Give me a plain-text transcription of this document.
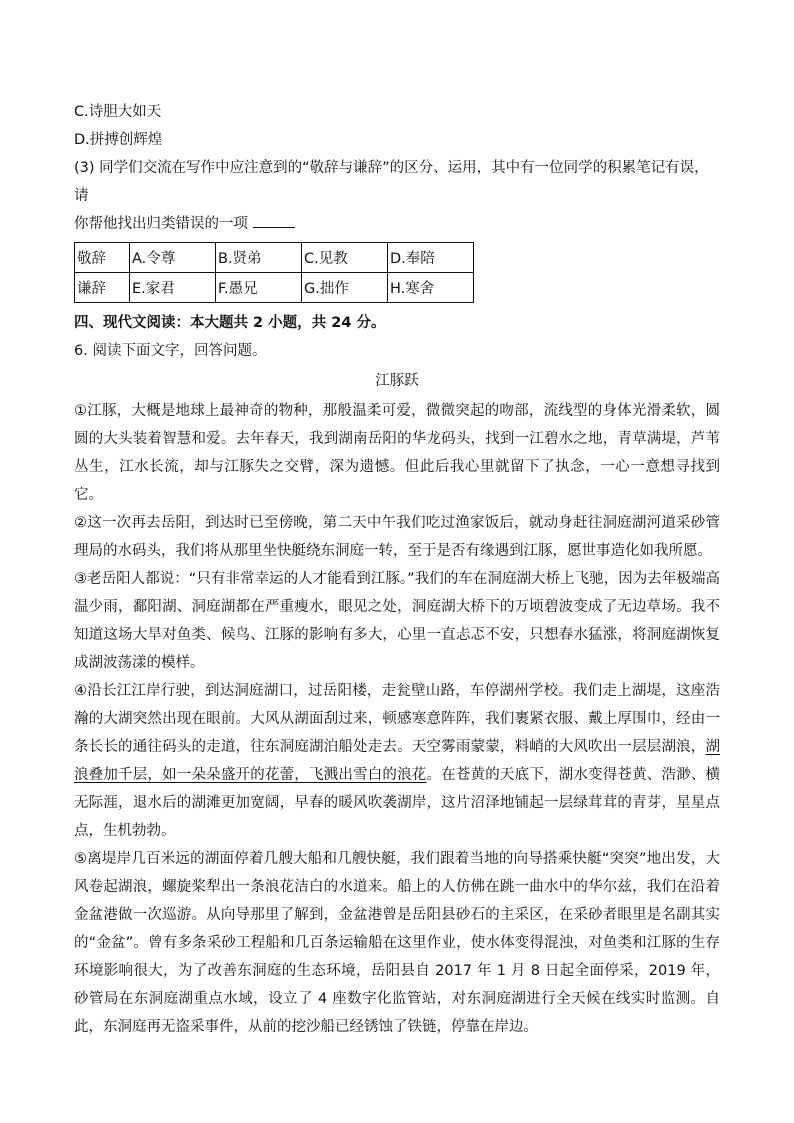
C.诗胆大如天

D.拼搏创辉煌

(3) 同学们交流在写作中应注意到的“敬辞与谦辞”的区分、运用，其中有一位同学的积累笔记有误，请

你帮他找出归类错误的一项

敬辞	A.令尊	B.贤弟	C.见教	D.奉陪
谦辞	E.家君	F.愚兄	G.拙作	H.寒舍

四、现代文阅读：本大题共 2 小题，共 24 分。

6. 阅读下面文字，回答问题。

江豚跃

①江豚，大概是地球上最神奇的物种，那般温柔可爱，微微突起的吻部，流线型的身体光滑柔软，圆圆的大头装着智慧和爱。去年春天，我到湖南岳阳的华龙码头，找到一江碧水之地，青草满堤，芦苇丛生，江水长流，却与江豚失之交臂，深为遗憾。但此后我心里就留下了执念，一心一意想寻找到它。

②这一次再去岳阳，到达时已至傍晚，第二天中午我们吃过渔家饭后，就动身赶往洞庭湖河道采砂管理局的水码头，我们将从那里坐快艇绕东洞庭一转，至于是否有缘遇到江豚，愿世事造化如我所愿。

③老岳阳人都说：“只有非常幸运的人才能看到江豚。”我们的车在洞庭湖大桥上飞驰，因为去年极端高温少雨，鄱阳湖、洞庭湖都在严重瘦水，眼见之处，洞庭湖大桥下的万顷碧波变成了无边草场。我不知道这场大旱对鱼类、候鸟、江豚的影响有多大，心里一直忐忑不安，只想春水猛涨，将洞庭湖恢复成湖波荡漾的模样。

④沿长江江岸行驶，到达洞庭湖口，过岳阳楼，走瓮壁山路，车停湖州学校。我们走上湖堤，这座浩瀚的大湖突然出现在眼前。大风从湖面刮过来，顿感寒意阵阵，我们裹紧衣服、戴上厚围巾，经由一条长长的通往码头的走道，往东洞庭湖泊船处走去。天空雾雨蒙蒙，料峭的大风吹出一层层湖浪，湖浪叠加千层，如一朵朵盛开的花蕾，飞溅出雪白的浪花。在苍黄的天底下，湖水变得苍黄、浩渺、横无际涯，退水后的湖滩更加宽阔，早春的暖风吹袭湖岸，这片沼泽地铺起一层绿茸茸的青芽，星星点点，生机勃勃。

⑤离堤岸几百米远的湖面停着几艘大船和几艘快艇，我们跟着当地的向导搭乘快艇“突突”地出发，大风卷起湖浪，螺旋桨犁出一条浪花洁白的水道来。船上的人仿佛在跳一曲水中的华尔兹，我们在沿着金盆港做一次巡游。从向导那里了解到，金盆港曾是岳阳县砂石的主采区，在采砂者眼里是名副其实的“金盆”。曾有多条采砂工程船和几百条运输船在这里作业，使水体变得混浊，对鱼类和江豚的生存环境影响很大，为了改善东洞庭的生态环境，岳阳县自 2017 年 1 月 8 日起全面停采，2019 年，砂管局在东洞庭湖重点水域，设立了 4 座数字化监管站，对东洞庭湖进行全天候在线实时监测。自此，东洞庭再无盗采事件，从前的挖沙船已经锈蚀了铁链，停靠在岸边。
